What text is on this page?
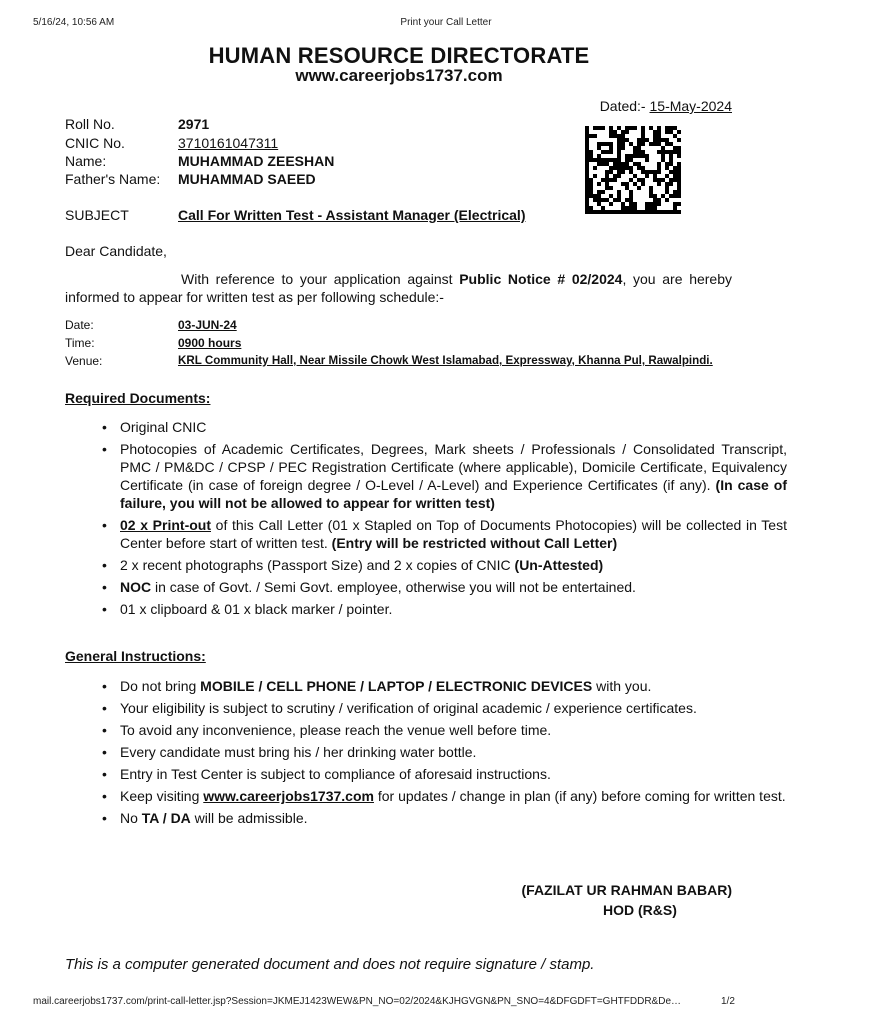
5/16/24, 10:56 AM	Print your Call Letter
HUMAN RESOURCE DIRECTORATE
www.careerjobs1737.com
Dated:- 15-May-2024
Roll No.	2971
CNIC No.	3710161047311
Name:	MUHAMMAD ZEESHAN
Father's Name: MUHAMMAD SAEED
SUBJECT	Call For Written Test - Assistant Manager (Electrical)
Dear Candidate,
With reference to your application against Public Notice # 02/2024, you are hereby informed to appear for written test as per following schedule:-
Date:	03-JUN-24
Time:	0900 hours
Venue:	KRL Community Hall, Near Missile Chowk West Islamabad, Expressway, Khanna Pul, Rawalpindi.
Required Documents:
• Original CNIC
• Photocopies of Academic Certificates, Degrees, Mark sheets / Professionals / Consolidated Transcript, PMC / PM&DC / CPSP / PEC Registration Certificate (where applicable), Domicile Certificate, Equivalency Certificate (in case of foreign degree / O-Level / A-Level) and Experience Certificates (if any). (In case of failure, you will not be allowed to appear for written test)
• 02 x Print-out of this Call Letter (01 x Stapled on Top of Documents Photocopies) will be collected in Test Center before start of written test. (Entry will be restricted without Call Letter)
• 2 x recent photographs (Passport Size) and 2 x copies of CNIC (Un-Attested)
• NOC in case of Govt. / Semi Govt. employee, otherwise you will not be entertained.
• 01 x clipboard & 01 x black marker / pointer.
General Instructions:
• Do not bring MOBILE / CELL PHONE / LAPTOP / ELECTRONIC DEVICES with you.
• Your eligibility is subject to scrutiny / verification of original academic / experience certificates.
• To avoid any inconvenience, please reach the venue well before time.
• Every candidate must bring his / her drinking water bottle.
• Entry in Test Center is subject to compliance of aforesaid instructions.
• Keep visiting www.careerjobs1737.com for updates / change in plan (if any) before coming for written test.
• No TA / DA will be admissible.
(FAZILAT UR RAHMAN BABAR)
HOD (R&S)
This is a computer generated document and does not require signature / stamp.
mail.careerjobs1737.com/print-call-letter.jsp?Session=JKMEJ1423WEW&PN_NO=02/2024&KJHGVGN&PN_SNO=4&DFGDFT=GHTFDDR&De…	1/2
